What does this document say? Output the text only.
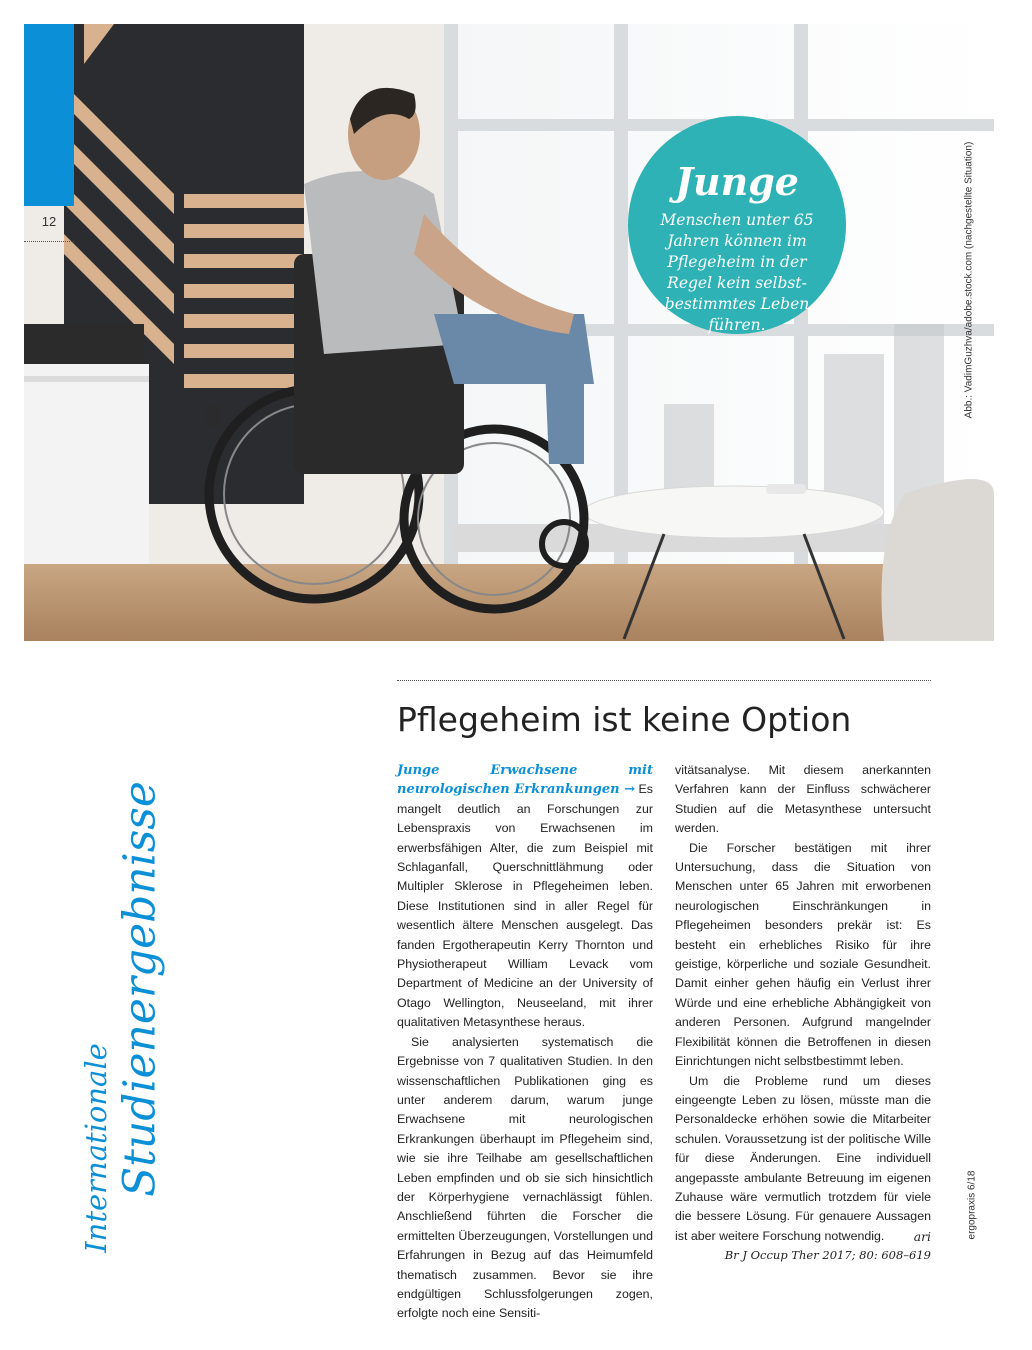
12
Junge
Menschen unter 65 Jahren können im Pflegeheim in der Regel kein selbst-bestimmtes Leben führen.	Abb.: VadimGuzhva/adobe.stock.com (nachgestellte Situation)
Internationale Studienergebnisse
Pflegeheim ist keine Option

Junge Erwachsene mit neurologischen Erkrankungen → Es mangelt deutlich an Forschungen zur Lebenspraxis von Erwachsenen im erwerbsfähigen Alter, die zum Beispiel mit Schlaganfall, Querschnittlähmung oder Multipler Sklerose in Pflegeheimen leben. Diese Institutionen sind in aller Regel für wesentlich ältere Menschen ausgelegt. Das fanden Ergotherapeutin Kerry Thornton und Physiotherapeut William Levack vom Department of Medicine an der University of Otago Wellington, Neuseeland, mit ihrer qualitativen Metasynthese heraus.

Sie analysierten systematisch die Ergebnisse von 7 qualitativen Studien. In den wissenschaftlichen Publikationen ging es unter anderem darum, warum junge Erwachsene mit neurologischen Erkrankungen überhaupt im Pflegeheim sind, wie sie ihre Teilhabe am gesellschaftlichen Leben empfinden und ob sie sich hinsichtlich der Körperhygiene vernachlässigt fühlen. Anschließend führten die Forscher die ermittelten Überzeugungen, Vorstellungen und Erfahrungen in Bezug auf das Heimumfeld thematisch zusammen. Bevor sie ihre endgültigen Schlussfolgerungen zogen, erfolgte noch eine Sensiti-

vitätsanalyse. Mit diesem anerkannten Verfahren kann der Einfluss schwächerer Studien auf die Metasynthese untersucht werden.

Die Forscher bestätigen mit ihrer Untersuchung, dass die Situation von Menschen unter 65 Jahren mit erworbenen neurologischen Einschränkungen in Pflegeheimen besonders prekär ist: Es besteht ein erhebliches Risiko für ihre geistige, körperliche und soziale Gesundheit. Damit einher gehen häufig ein Verlust ihrer Würde und eine erhebliche Abhängigkeit von anderen Personen. Aufgrund mangelnder Flexibilität können die Betroffenen in diesen Einrichtungen nicht selbstbestimmt leben.

Um die Probleme rund um dieses eingeengte Leben zu lösen, müsste man die Personaldecke erhöhen sowie die Mitarbeiter schulen. Voraussetzung ist der politische Wille für diese Änderungen. Eine individuell angepasste ambulante Betreuung im eigenen Zuhause wäre vermutlich trotzdem für viele die bessere Lösung. Für genauere Aussagen ist aber weitere Forschung notwendig.	ari

Br J Occup Ther 2017; 80: 608–619
ergopraxis 6/18
